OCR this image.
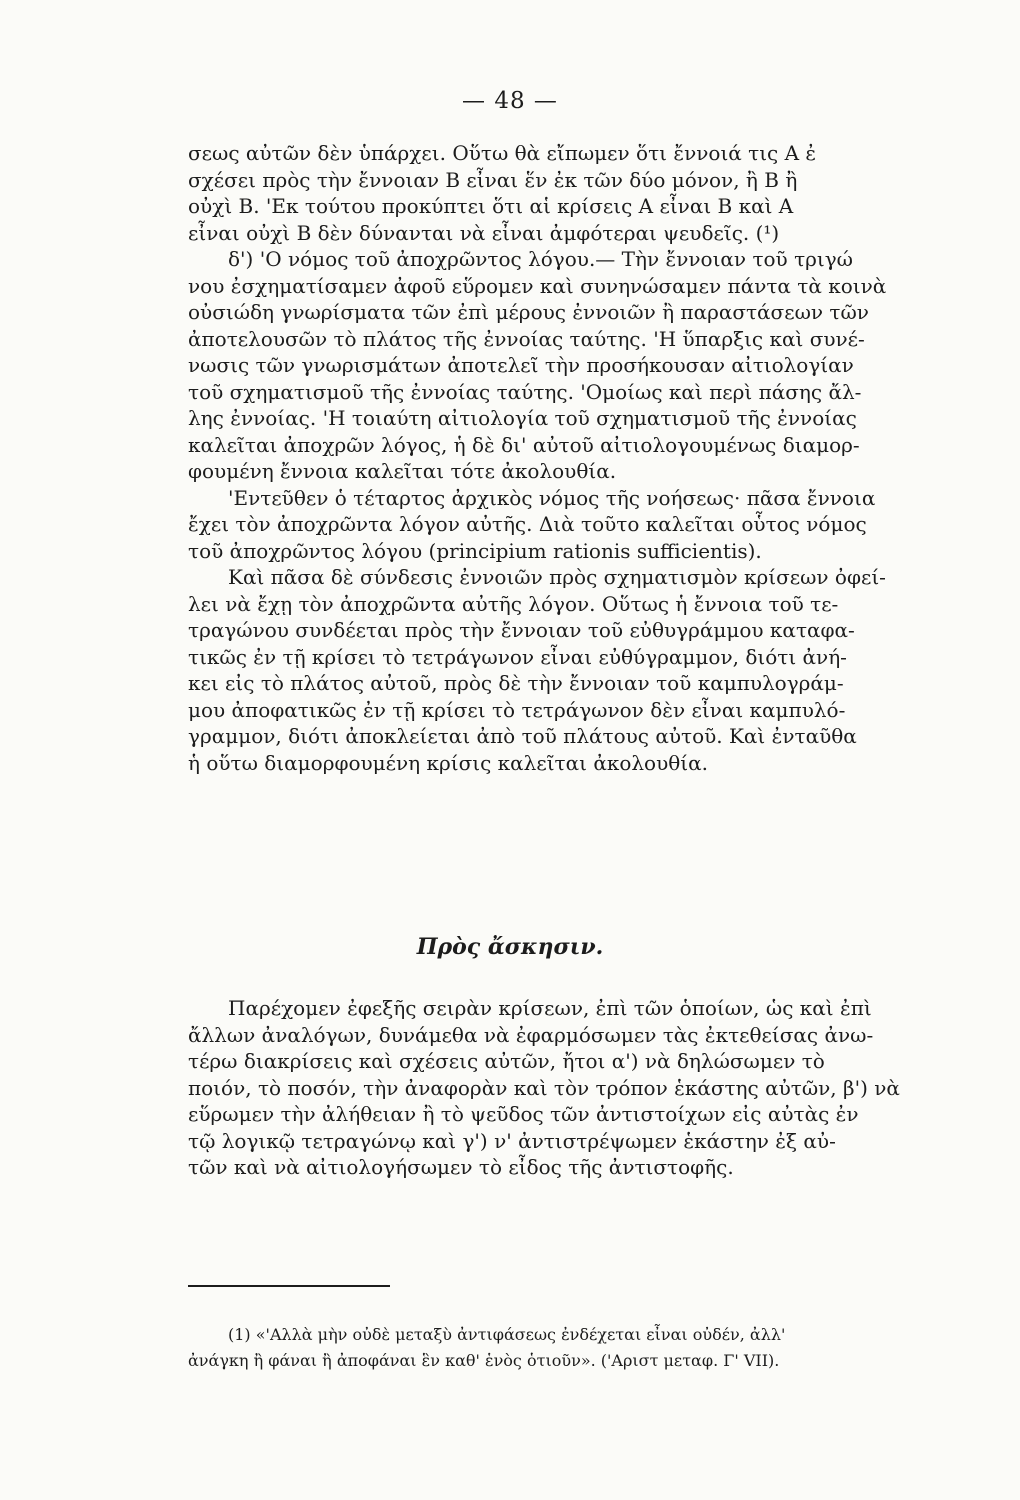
— 48 —
σεως αὐτῶν δὲν ὑπάρχει. Οὕτω θὰ εἴπωμεν ὅτι ἔννοιά τις A ἐ
σχέσει πρὸς τὴν ἔννοιαν B εἶναι ἕν ἐκ τῶν δύο μόνον, ἢ B ἢ
οὐχὶ B. 'Εκ τούτου προκύπτει ὅτι αἱ κρίσεις A εἶναι B καὶ A
εἶναι οὐχὶ B δὲν δύνανται νὰ εἶναι ἀμφότεραι ψευδεῖς. (¹)
δ') 'Ο νόμος τοῦ ἀποχρῶντος λόγου.— Τὴν ἔννοιαν τοῦ τριγώ
νου ἐσχηματίσαμεν ἀφοῦ εὕρομεν καὶ συνηνώσαμεν πάντα τὰ κοινὰ
οὐσιώδη γνωρίσματα τῶν ἐπὶ μέρους ἐννοιῶν ἢ παραστάσεων τῶν
ἀποτελουσῶν τὸ πλάτος τῆς ἐννοίας ταύτης. 'Η ὕπαρξις καὶ συνέ-
νωσις τῶν γνωρισμάτων ἀποτελεῖ τὴν προσήκουσαν αἰτιολογίαν
τοῦ σχηματισμοῦ τῆς ἐννοίας ταύτης. 'Ομοίως καὶ περὶ πάσης ἄλ-
λης ἐννοίας. 'Η τοιαύτη αἰτιολογία τοῦ σχηματισμοῦ τῆς ἐννοίας
καλεῖται ἀποχρῶν λόγος, ἡ δὲ δι' αὐτοῦ αἰτιολογουμένως διαμορ-
φουμένη ἔννοια καλεῖται τότε ἀκολουθία.
'Εντεῦθεν ὁ τέταρτος ἀρχικὸς νόμος τῆς νοήσεως· πᾶσα ἔννοια
ἔχει τὸν ἀποχρῶντα λόγον αὐτῆς. Διὰ τοῦτο καλεῖται οὗτος νόμος
τοῦ ἀποχρῶντος λόγου (principium rationis sufficientis).
Καὶ πᾶσα δὲ σύνδεσις ἐννοιῶν πρὸς σχηματισμὸν κρίσεων ὀφεί-
λει νὰ ἔχῃ τὸν ἀποχρῶντα αὐτῆς λόγον. Οὕτως ἡ ἔννοια τοῦ τε-
τραγώνου συνδέεται πρὸς τὴν ἔννοιαν τοῦ εὐθυγράμμου καταφα-
τικῶς ἐν τῇ κρίσει τὸ τετράγωνον εἶναι εὐθύγραμμον, διότι ἀνή-
κει εἰς τὸ πλάτος αὐτοῦ, πρὸς δὲ τὴν ἔννοιαν τοῦ καμπυλογράμ-
μου ἀποφατικῶς ἐν τῇ κρίσει τὸ τετράγωνον δὲν εἶναι καμπυλό-
γραμμον, διότι ἀποκλείεται ἀπὸ τοῦ πλάτους αὐτοῦ. Καὶ ἐνταῦθα
ἡ οὕτω διαμορφουμένη κρίσις καλεῖται ἀκολουθία.
Πρὸς ἄσκησιν.
Παρέχομεν ἐφεξῆς σειρὰν κρίσεων, ἐπὶ τῶν ὁποίων, ὡς καὶ ἐπὶ
ἄλλων ἀναλόγων, δυνάμεθα νὰ ἐφαρμόσωμεν τὰς ἐκτεθείσας ἀνω-
τέρω διακρίσεις καὶ σχέσεις αὐτῶν, ἤτοι α') νὰ δηλώσωμεν τὸ
ποιόν, τὸ ποσόν, τὴν ἀναφορὰν καὶ τὸν τρόπον ἑκάστης αὐτῶν, β') νὰ
εὕρωμεν τὴν ἀλήθειαν ἢ τὸ ψεῦδος τῶν ἀντιστοίχων εἰς αὐτὰς ἐν
τῷ λογικῷ τετραγώνῳ καὶ γ') ν' ἀντιστρέψωμεν ἑκάστην ἐξ αὐ-
τῶν καὶ νὰ αἰτιολογήσωμεν τὸ εἶδος τῆς ἀντιστοφῆς.
(1) «'Αλλὰ μὴν οὐδὲ μεταξὺ ἀντιφάσεως ἐνδέχεται εἶναι οὐδέν, ἀλλ'
ἀνάγκη ἢ φάναι ἢ ἀποφάναι ἓν καθ' ἑνὸς ὁτιοῦν». ('Αριστ μεταφ. Γ' VII).
